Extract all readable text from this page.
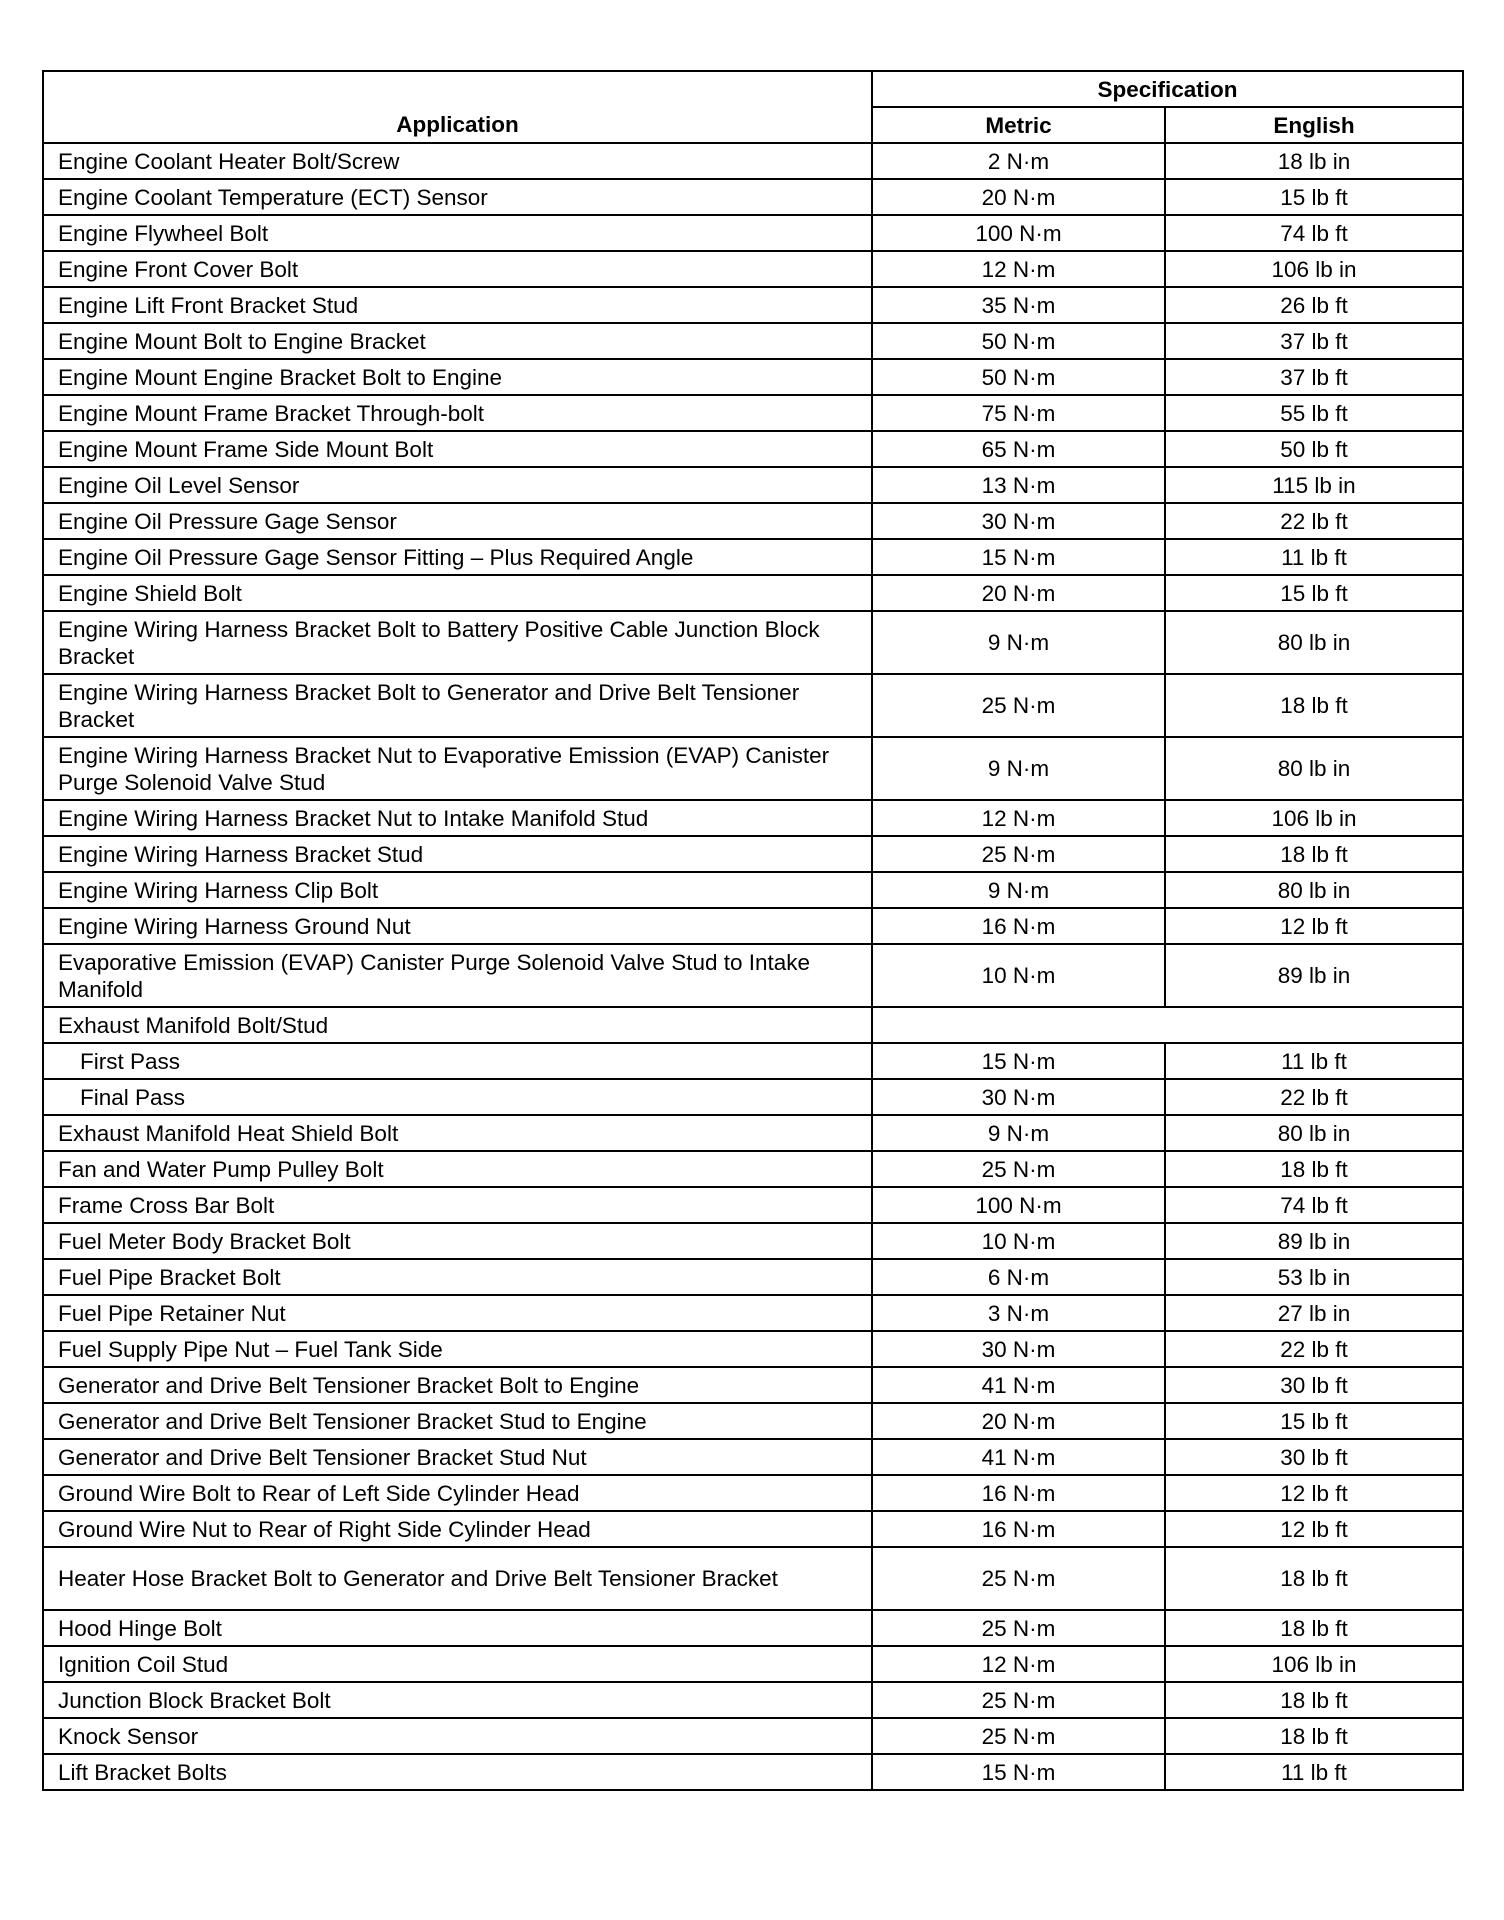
Application	Specification	
	Metric	English
Engine Coolant Heater Bolt/Screw	2 N·m	18 lb in
Engine Coolant Temperature (ECT) Sensor	20 N·m	15 lb ft
Engine Flywheel Bolt	100 N·m	74 lb ft
Engine Front Cover Bolt	12 N·m	106 lb in
Engine Lift Front Bracket Stud	35 N·m	26 lb ft
Engine Mount Bolt to Engine Bracket	50 N·m	37 lb ft
Engine Mount Engine Bracket Bolt to Engine	50 N·m	37 lb ft
Engine Mount Frame Bracket Through-bolt	75 N·m	55 lb ft
Engine Mount Frame Side Mount Bolt	65 N·m	50 lb ft
Engine Oil Level Sensor	13 N·m	115 lb in
Engine Oil Pressure Gage Sensor	30 N·m	22 lb ft
Engine Oil Pressure Gage Sensor Fitting – Plus Required Angle	15 N·m	11 lb ft
Engine Shield Bolt	20 N·m	15 lb ft
Engine Wiring Harness Bracket Bolt to Battery Positive Cable Junction Block Bracket	9 N·m	80 lb in
Engine Wiring Harness Bracket Bolt to Generator and Drive Belt Tensioner Bracket	25 N·m	18 lb ft
Engine Wiring Harness Bracket Nut to Evaporative Emission (EVAP) Canister Purge Solenoid Valve Stud	9 N·m	80 lb in
Engine Wiring Harness Bracket Nut to Intake Manifold Stud	12 N·m	106 lb in
Engine Wiring Harness Bracket Stud	25 N·m	18 lb ft
Engine Wiring Harness Clip Bolt	9 N·m	80 lb in
Engine Wiring Harness Ground Nut	16 N·m	12 lb ft
Evaporative Emission (EVAP) Canister Purge Solenoid Valve Stud to Intake Manifold	10 N·m	89 lb in
Exhaust Manifold Bolt/Stud		
First Pass	15 N·m	11 lb ft
Final Pass	30 N·m	22 lb ft
Exhaust Manifold Heat Shield Bolt	9 N·m	80 lb in
Fan and Water Pump Pulley Bolt	25 N·m	18 lb ft
Frame Cross Bar Bolt	100 N·m	74 lb ft
Fuel Meter Body Bracket Bolt	10 N·m	89 lb in
Fuel Pipe Bracket Bolt	6 N·m	53 lb in
Fuel Pipe Retainer Nut	3 N·m	27 lb in
Fuel Supply Pipe Nut – Fuel Tank Side	30 N·m	22 lb ft
Generator and Drive Belt Tensioner Bracket Bolt to Engine	41 N·m	30 lb ft
Generator and Drive Belt Tensioner Bracket Stud to Engine	20 N·m	15 lb ft
Generator and Drive Belt Tensioner Bracket Stud Nut	41 N·m	30 lb ft
Ground Wire Bolt to Rear of Left Side Cylinder Head	16 N·m	12 lb ft
Ground Wire Nut to Rear of Right Side Cylinder Head	16 N·m	12 lb ft
Heater Hose Bracket Bolt to Generator and Drive Belt Tensioner Bracket	25 N·m	18 lb ft
Hood Hinge Bolt	25 N·m	18 lb ft
Ignition Coil Stud	12 N·m	106 lb in
Junction Block Bracket Bolt	25 N·m	18 lb ft
Knock Sensor	25 N·m	18 lb ft
Lift Bracket Bolts	15 N·m	11 lb ft
